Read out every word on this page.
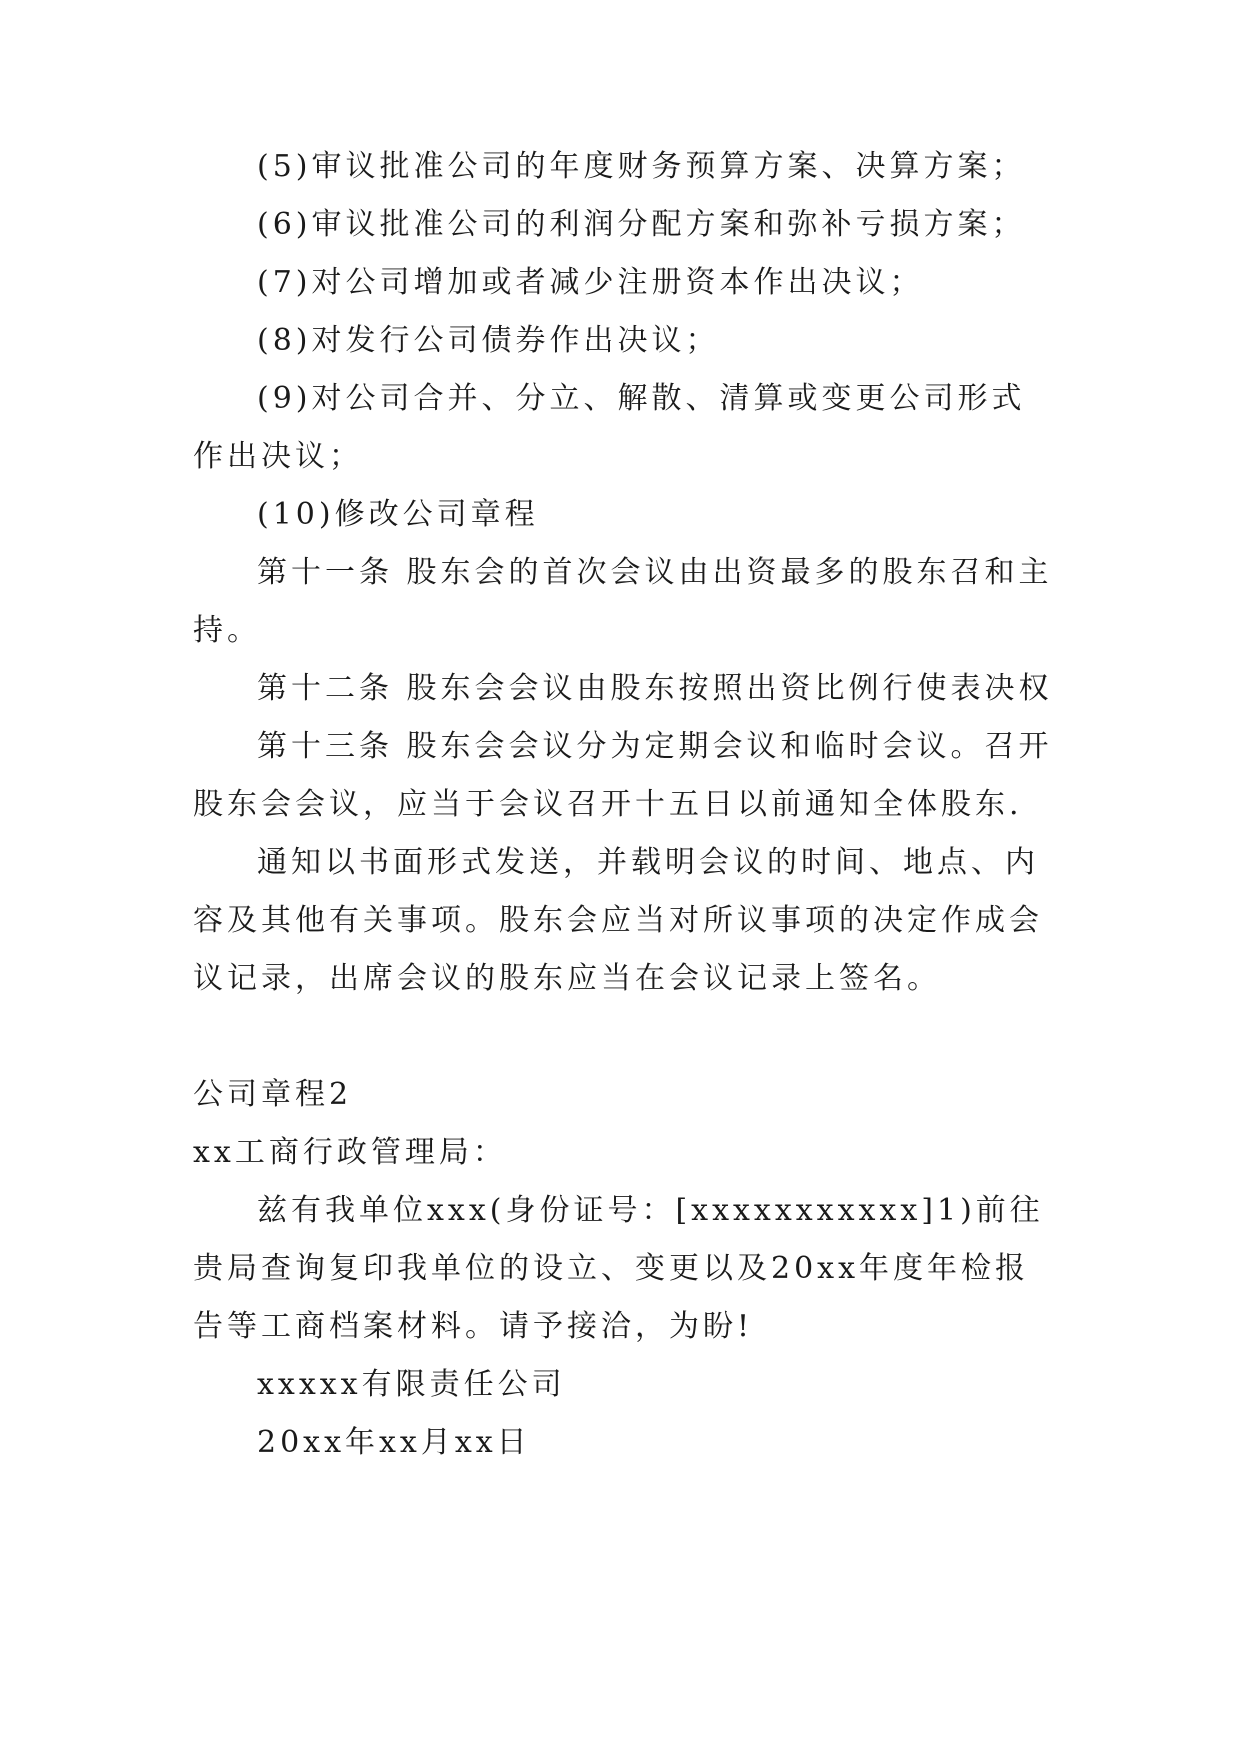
(5)审议批准公司的年度财务预算方案、决算方案；

(6)审议批准公司的利润分配方案和弥补亏损方案；

(7)对公司增加或者减少注册资本作出决议；

(8)对发行公司债券作出决议；

(9)对公司合并、分立、解散、清算或变更公司形式作出决议；

(10)修改公司章程

第十一条 股东会的首次会议由出资最多的股东召和主持。

第十二条 股东会会议由股东按照出资比例行使表决权

第十三条 股东会会议分为定期会议和临时会议。召开股东会会议，应当于会议召开十五日以前通知全体股东.

通知以书面形式发送，并载明会议的时间、地点、内容及其他有关事项。股东会应当对所议事项的决定作成会议记录，出席会议的股东应当在会议记录上签名。

公司章程2

xx工商行政管理局：

兹有我单位xxx(身份证号：[xxxxxxxxxxx]1)前往贵局查询复印我单位的设立、变更以及20xx年度年检报告等工商档案材料。请予接洽，为盼!

xxxxx有限责任公司

20xx年xx月xx日
